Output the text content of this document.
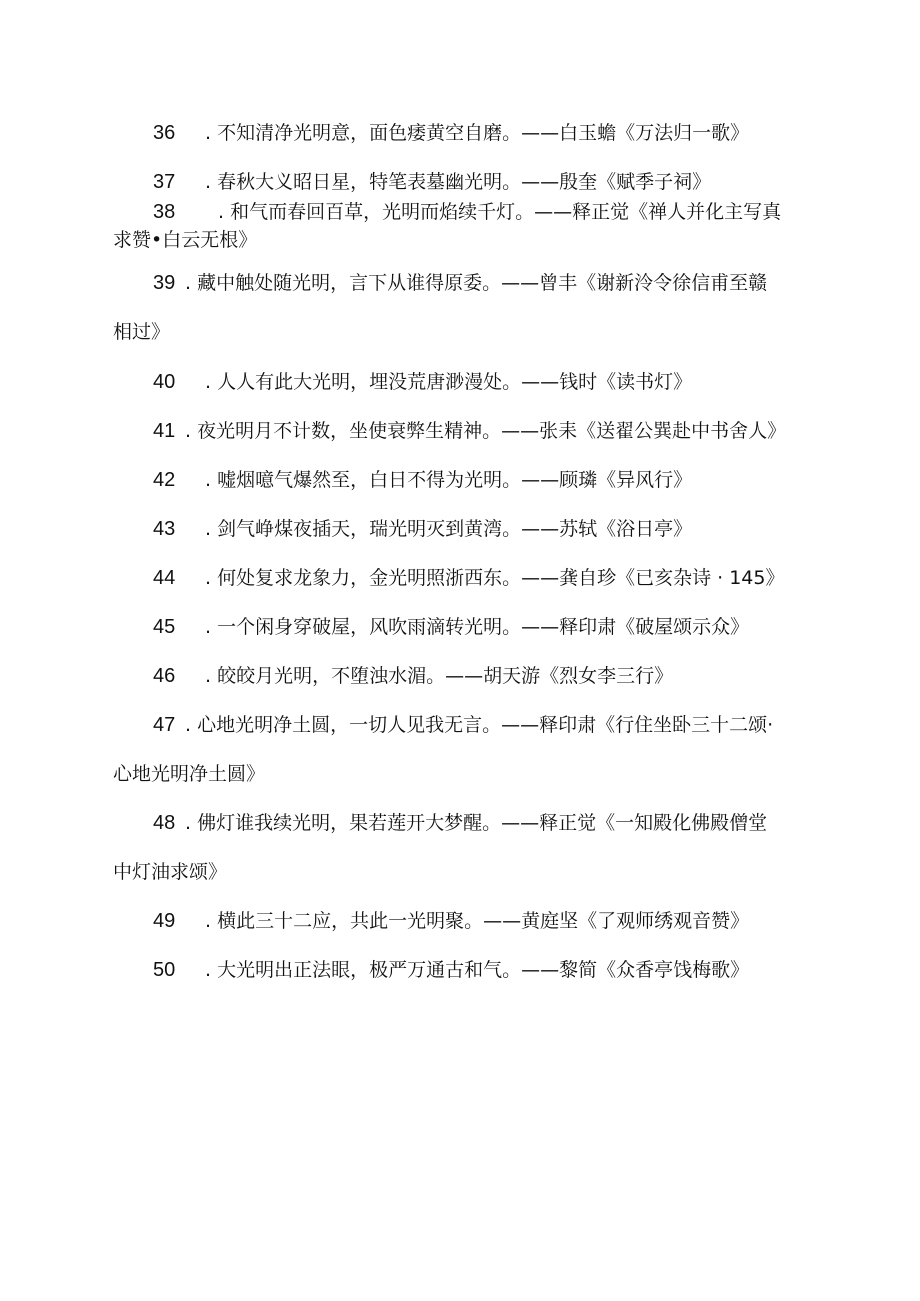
36 . 不知清净光明意，面色痿黄空自磨。——白玉蟾《万法归一歌》
37 . 春秋大义昭日星，特笔表墓幽光明。——殷奎《赋季子祠》
38 . 和气而春回百草，光明而焰续千灯。——释正觉《禅人并化主写真
求赞•白云无根》
39 . 藏中触处随光明，言下从谁得原委。——曾丰《谢新泠令徐信甫至赣
相过》
40 . 人人有此大光明，埋没荒唐渺漫处。——钱时《读书灯》
41 . 夜光明月不计数，坐使衰弊生精神。——张耒《送翟公巽赴中书舍人》
42 . 嘘烟噫气爆然至，白日不得为光明。——顾璘《异风行》
43 . 剑气峥煤夜插天，瑞光明灭到黄湾。——苏轼《浴日亭》
44 . 何处复求龙象力，金光明照浙西东。——龚自珍《已亥杂诗 · 145》
45 . 一个闲身穿破屋，风吹雨滴转光明。——释印肃《破屋颂示众》
46 . 皎皎月光明，不堕浊水湄。——胡天游《烈女李三行》
47 . 心地光明净土圆，一切人见我无言。——释印肃《行住坐卧三十二颂·
心地光明净土圆》
48 . 佛灯谁我续光明，果若莲开大梦醒。——释正觉《一知殿化佛殿僧堂
中灯油求颂》
49 . 横此三十二应，共此一光明聚。——黄庭坚《了观师绣观音赞》
50 . 大光明出正法眼，极严万通古和气。——黎简《众香亭饯梅歌》
